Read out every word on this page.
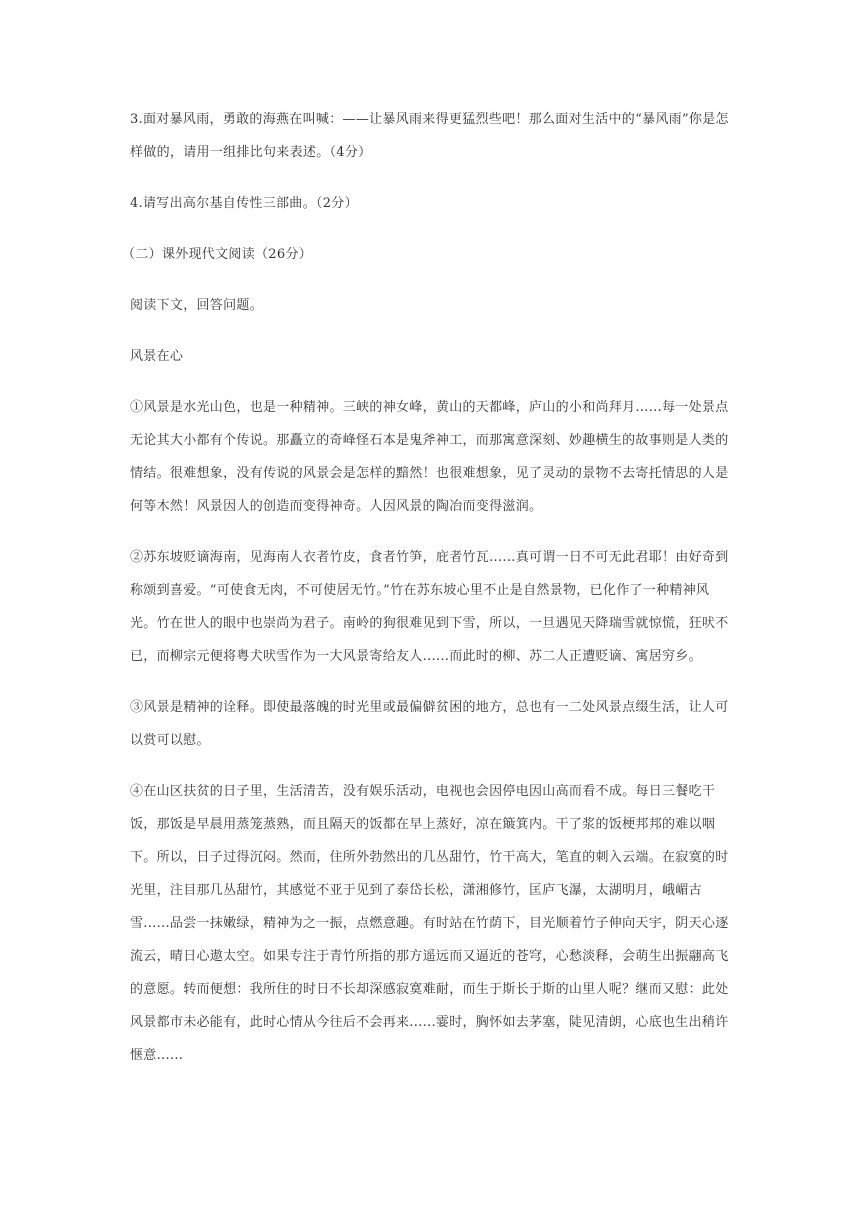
3.面对暴风雨，勇敢的海燕在叫喊：——让暴风雨来得更猛烈些吧！那么面对生活中的“暴风雨”你是怎样做的，请用一组排比句来表述。（4分）

4.请写出高尔基自传性三部曲。（2分）

（二）课外现代文阅读（26分）

阅读下文，回答问题。

风景在心

①风景是水光山色，也是一种精神。三峡的神女峰，黄山的天都峰，庐山的小和尚拜月......每一处景点无论其大小都有个传说。那矗立的奇峰怪石本是鬼斧神工，而那寓意深刻、妙趣横生的故事则是人类的情结。很难想象，没有传说的风景会是怎样的黯然！也很难想象，见了灵动的景物不去寄托情思的人是何等木然！风景因人的创造而变得神奇。人因风景的陶冶而变得滋润。

②苏东坡贬谪海南，见海南人衣者竹皮，食者竹笋，庇者竹瓦......真可谓一日不可无此君耶！由好奇到称颂到喜爱。“可使食无肉，不可使居无竹。”竹在苏东坡心里不止是自然景物，已化作了一种精神风光。竹在世人的眼中也崇尚为君子。南岭的狗很难见到下雪，所以，一旦遇见天降瑞雪就惊慌，狂吠不已，而柳宗元便将粤犬吠雪作为一大风景寄给友人......而此时的柳、苏二人正遭贬谪、寓居穷乡。

③风景是精神的诠释。即使最落魄的时光里或最偏僻贫困的地方，总也有一二处风景点缀生活，让人可以赏可以慰。

④在山区扶贫的日子里，生活清苦，没有娱乐活动，电视也会因停电因山高而看不成。每日三餐吃干饭，那饭是早晨用蒸笼蒸熟，而且隔天的饭都在早上蒸好，凉在簸箕内。干了浆的饭梗邦邦的难以咽下。所以，日子过得沉闷。然而，住所外勃然出的几丛甜竹，竹干高大，笔直的刺入云端。在寂寞的时光里，注目那几丛甜竹，其感觉不亚于见到了泰岱长松，潇湘修竹，匡庐飞瀑，太湖明月，峨嵋古雪......品尝一抹嫩绿，精神为之一振，点燃意趣。有时站在竹荫下，目光顺着竹子伸向天宇，阴天心逐流云，晴日心遨太空。如果专注于青竹所指的那方遥远而又逼近的苍穹，心愁淡释，会萌生出振翮高飞的意愿。转而便想：我所住的时日不长却深感寂寞难耐，而生于斯长于斯的山里人呢？继而又慰：此处风景都市未必能有，此时心情从今往后不会再来......霎时，胸怀如去茅塞，陡见清朗，心底也生出稍许惬意......
